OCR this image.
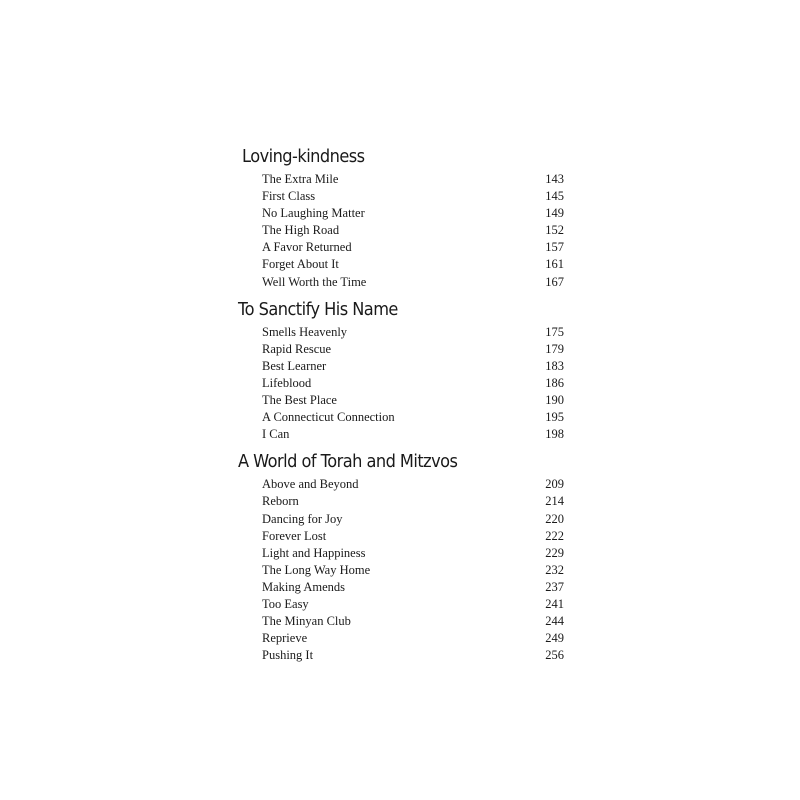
Loving-kindness
The Extra Mile	143
First Class	145
No Laughing Matter	149
The High Road	152
A Favor Returned	157
Forget About It	161
Well Worth the Time	167
To Sanctify His Name
Smells Heavenly	175
Rapid Rescue	179
Best Learner	183
Lifeblood	186
The Best Place	190
A Connecticut Connection	195
I Can	198
A World of Torah and Mitzvos
Above and Beyond	209
Reborn	214
Dancing for Joy	220
Forever Lost	222
Light and Happiness	229
The Long Way Home	232
Making Amends	237
Too Easy	241
The Minyan Club	244
Reprieve	249
Pushing It	256
